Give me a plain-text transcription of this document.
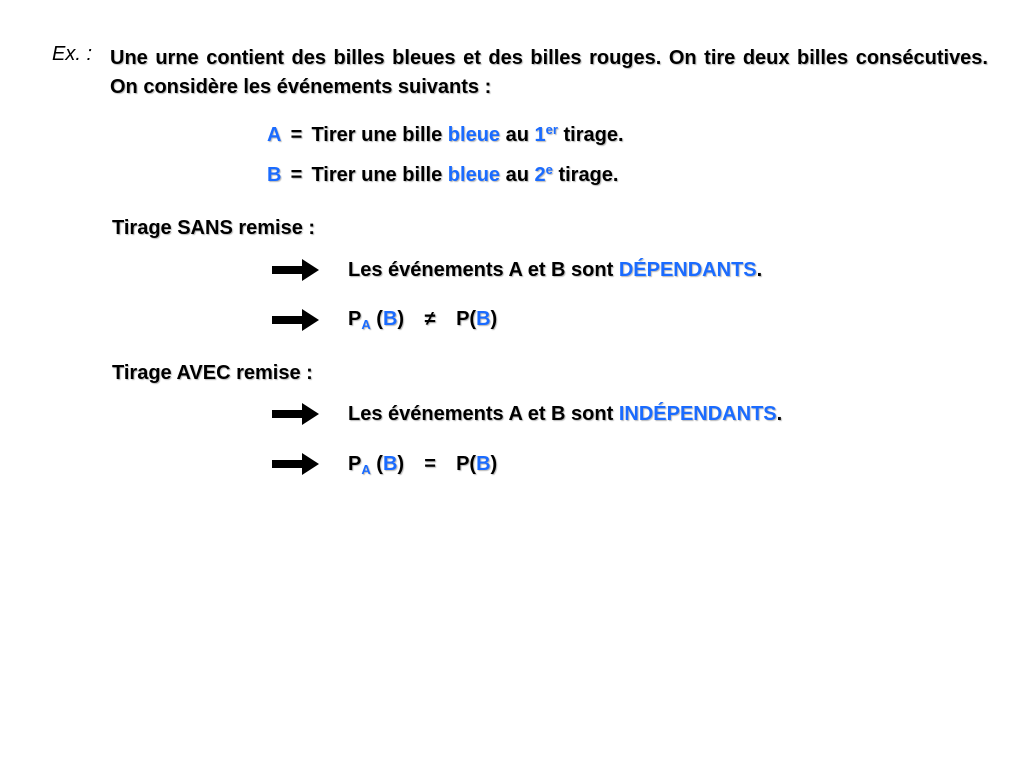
Ex. : Une urne contient des billes bleues et des billes rouges. On tire deux billes consécutives. On considère les événements suivants :
A = Tirer une bille bleue au 1er tirage.
B = Tirer une bille bleue au 2e tirage.
Tirage SANS remise :
Les événements A et B sont DÉPENDANTS.
$P_A$ (B) ≠ P(B)
Tirage AVEC remise :
Les événements A et B sont INDÉPENDANTS.
$P_A$ (B) = P(B)
